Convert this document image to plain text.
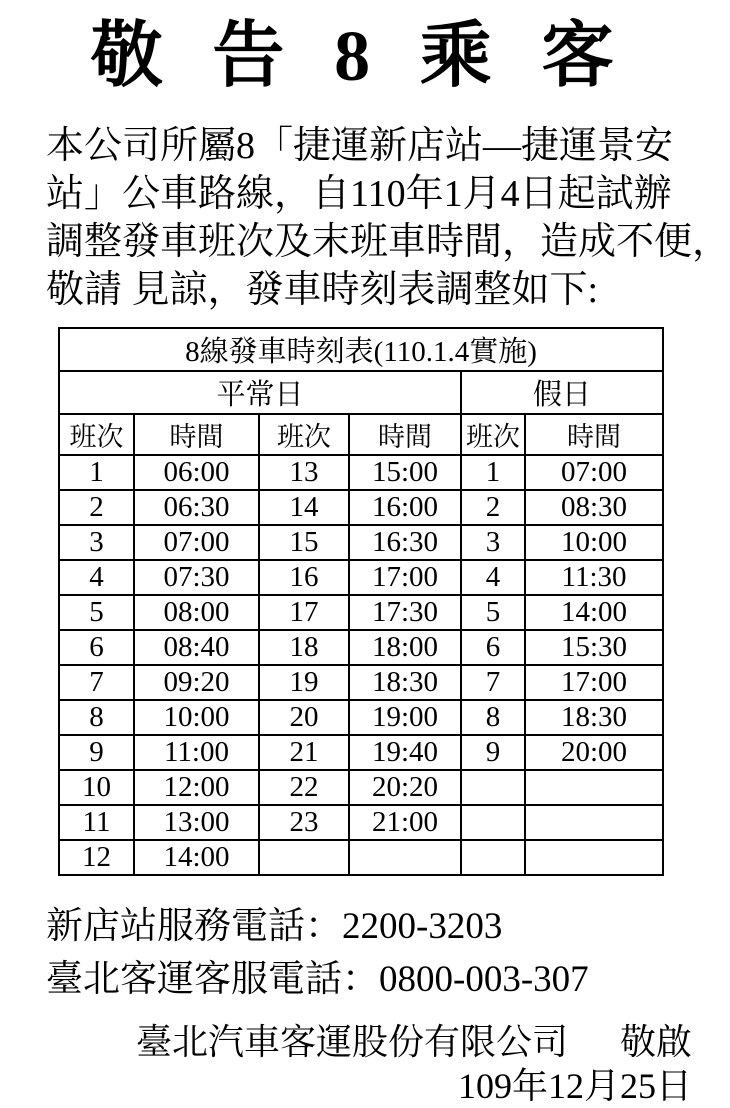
敬 告 8 乘 客
本公司所屬8「捷運新店站—捷運景安
站」公車路線，自110年1月4日起試辦
調整發車班次及末班車時間，造成不便，
敬請 見諒，發車時刻表調整如下:
8線發車時刻表(110.1.4實施)					
平常日				假日	
班次	時間	班次	時間	班次	時間
1	06:00	13	15:00	1	07:00
2	06:30	14	16:00	2	08:30
3	07:00	15	16:30	3	10:00
4	07:30	16	17:00	4	11:30
5	08:00	17	17:30	5	14:00
6	08:40	18	18:00	6	15:30
7	09:20	19	18:30	7	17:00
8	10:00	20	19:00	8	18:30
9	11:00	21	19:40	9	20:00
10	12:00	22	20:20		
11	13:00	23	21:00		
12	14:00				
新店站服務電話：2200-3203
臺北客運客服電話：0800-003-307
臺北汽車客運股份有限公司 敬啟
109年12月25日
